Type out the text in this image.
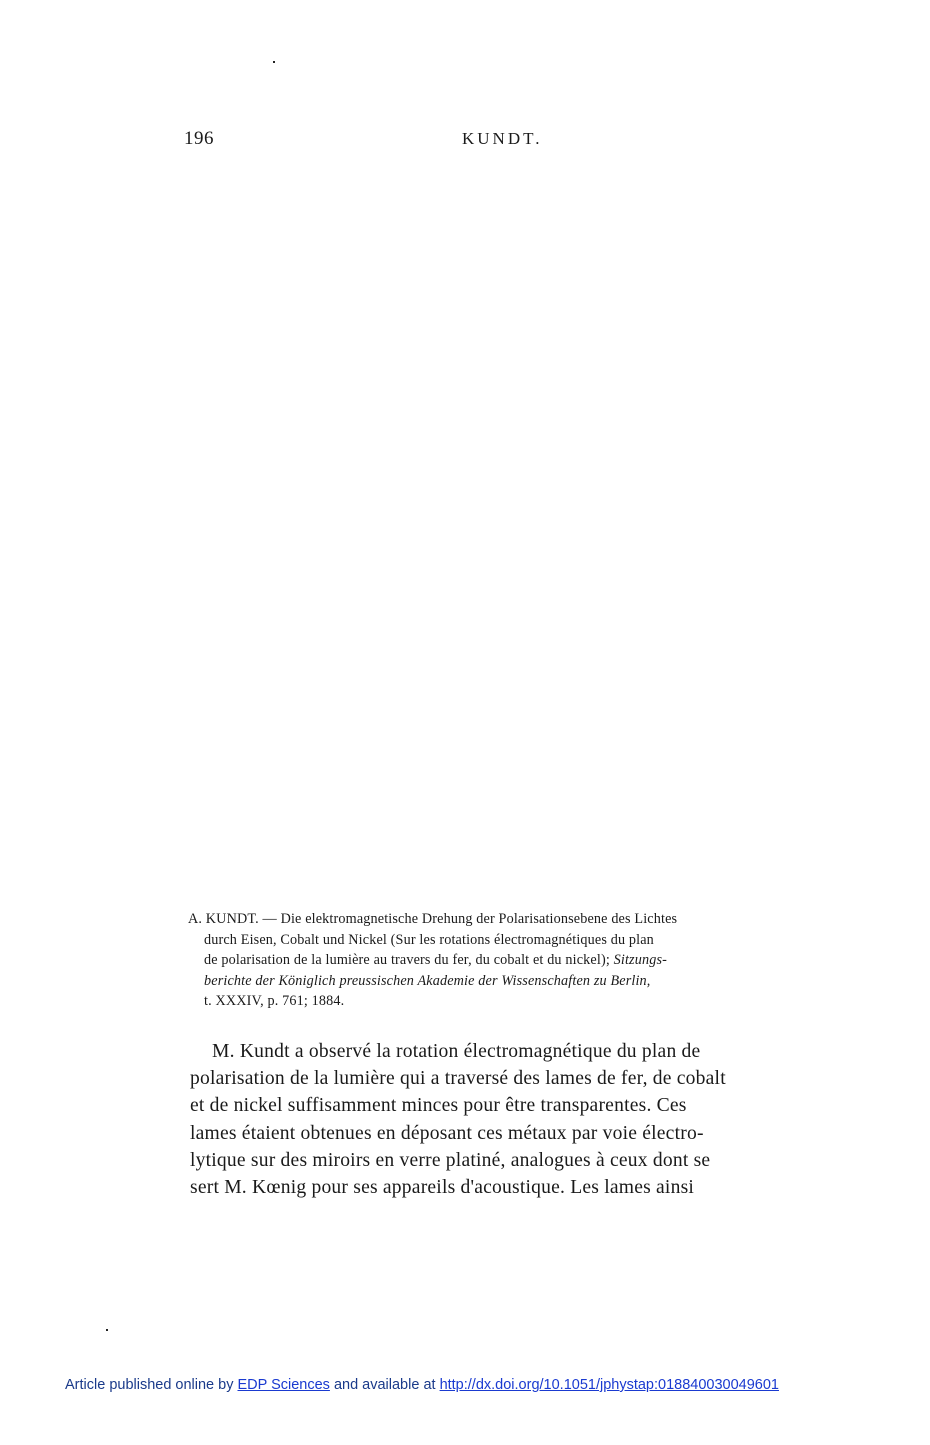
196	KUNDT.
A. KUNDT. — Die elektromagnetische Drehung der Polarisationsebene des Lichtes
durch Eisen, Cobalt und Nickel (Sur les rotations électromagnétiques du plan
de polarisation de la lumière au travers du fer, du cobalt et du nickel); Sitzungs-
berichte der Königlich preussischen Akademie der Wissenschaften zu Berlin,
t. XXXIV, p. 761; 1884.
M. Kundt a observé la rotation électromagnétique du plan de
polarisation de la lumière qui a traversé des lames de fer, de cobalt
et de nickel suffisamment minces pour être transparentes. Ces
lames étaient obtenues en déposant ces métaux par voie électro-
lytique sur des miroirs en verre platiné, analogues à ceux dont se
sert M. Kœnig pour ses appareils d'acoustique. Les lames ainsi
Article published online by EDP Sciences and available at http://dx.doi.org/10.1051/jphystap:018840030049601
